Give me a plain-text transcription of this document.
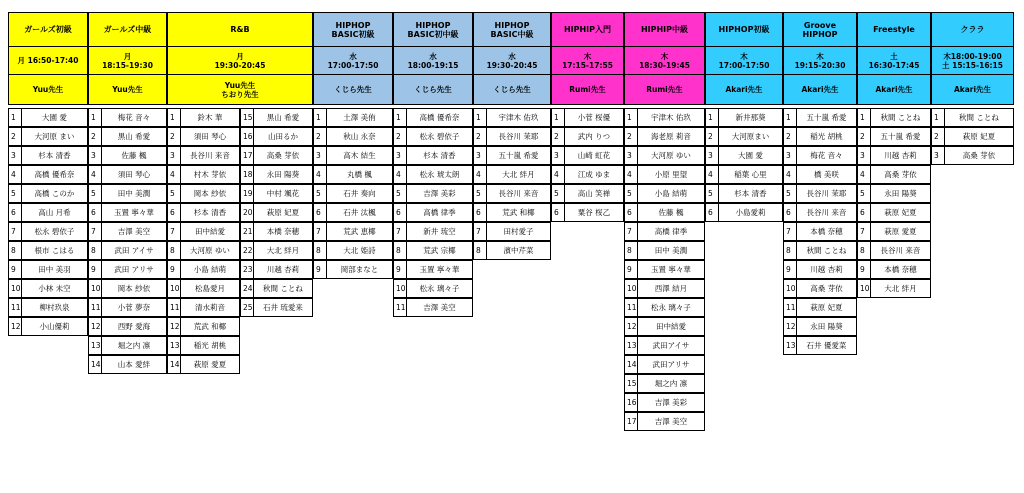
ガールズ初級
月 16:50-17:40
Yuu先生
1	大園 愛
2	大河原 まい
3	杉本 清香
4	高橋 優希奈
5	高橋 このか
6	高山 月希
7	松永 碧依子
8	根市 こはる
9	田中 美羽
10	小林 未空
11	柳村玖泉
12	小山優莉
ガールズ中級
月
18:15-19:30
Yuu先生
1	梅花 音々
2	黒山 希愛
3	佐藤 楓
4	須田 琴心
5	田中 美潤
6	玉置 寧々華
7	吉澤 美空
8	武田 アイサ
9	武田 アリサ
10	岡本 紗依
11	小菅 夢奈
12	西野 愛海
13	堀之内 凛
14	山本 愛絆
R&B
月
19:30-20:45
Yuu先生
ちおり先生
1	鈴木 華
2	須田 琴心
3	長谷川 来音
4	村木 芽依
5	岡本 紗依
6	杉本 清香
7	田中結愛
8	大河原 ゆい
9	小島 結萌
10	松島愛月
11	清水莉音
12	荒武 和椰
13	稲光 胡桃
14	萩原 愛夏
15	黒山 希愛
16	山田るか
17	高桑 芽依
18	永田 陽葵
19	中村 颯花
20	萩原 妃夏
21	本橋 奈穂
22	大北 絆月
23	川越 杏莉
24	秋間 ことね
25	石井 琉愛来
HIPHOP
BASIC初級
水
17:00-17:50
くじら先生
1	土澤 美侑
2	秋山 永奈
3	高木 結生
4	丸橋 楓
5	石井 奏向
6	石井 汰楓
7	荒武 恵椰
8	大北 姫詩
9	岡部まなと
HIPHOP
BASIC初中級
水
18:00-19:15
くじら先生
1	高橋 優希奈
2	松永 碧依子
3	杉本 清香
4	松永 琥太朗
5	吉澤 美彩
6	高橋 律季
7	新井 琉空
8	荒武 宗椰
9	玉置 寧々華
10	松永 璃々子
11	吉澤 美空
HIPHOP
BASIC中級
水
19:30-20:45
くじら先生
1	宇津木 佑玖
2	長谷川 茉耶
3	五十嵐 希愛
4	大北 絆月
5	長谷川 来音
6	荒武 和椰
7	田村愛子
8	濱中芹菜
HIPHIP入門
木
17:15-17:55
Rumi先生
1	小菅 桜優
2	武内 りつ
3	山崎 虹花
4	江成 ゆま
5	高山 笑禅
6	粟谷 桜乙
HIPHIP中級
木
18:30-19:45
Rumi先生
1	宇津木 佑玖
2	海老原 莉音
3	大河原 ゆい
4	小原 里望
5	小島 結萌
6	佐藤 楓
7	高橋 律季
8	田中 美潤
9	玉置 寧々華
10	西澤 結月
11	松永 璃々子
12	田中結愛
13	武田アイサ
14	武田アリサ
15	堀之内 凛
16	吉澤 美彩
17	吉澤 美空
HIPHOP初級
木
17:00-17:50
Akari先生
1	新井那葵
2	大河原まい
3	大園 愛
4	稲葉 心里
5	杉本 清香
6	小島愛莉
Groove
HIPHOP
木
19:15-20:30
Akari先生
1	五十嵐 希愛
2	稲光 胡桃
3	梅花 音々
4	橋 美咲
5	長谷川 茉耶
6	長谷川 来音
7	本橋 奈穂
8	秋間 ことね
9	川越 杏莉
10	高桑 芽依
11	萩原 妃夏
12	永田 陽葵
13	石井 優愛菜
Freestyle
土
16:30-17:45
Akari先生
1	秋間 ことね
2	五十嵐 希愛
3	川越 杏莉
4	高桑 芽依
5	永田 陽葵
6	萩原 妃夏
7	萩原 愛夏
8	長谷川 来音
9	本橋 奈穂
10	大北 絆月
クララ
木18:00-19:00
土 15:15-16:15
Akari先生
1	秋間 ことね
2	萩原 妃夏
3	高桑 芽依
